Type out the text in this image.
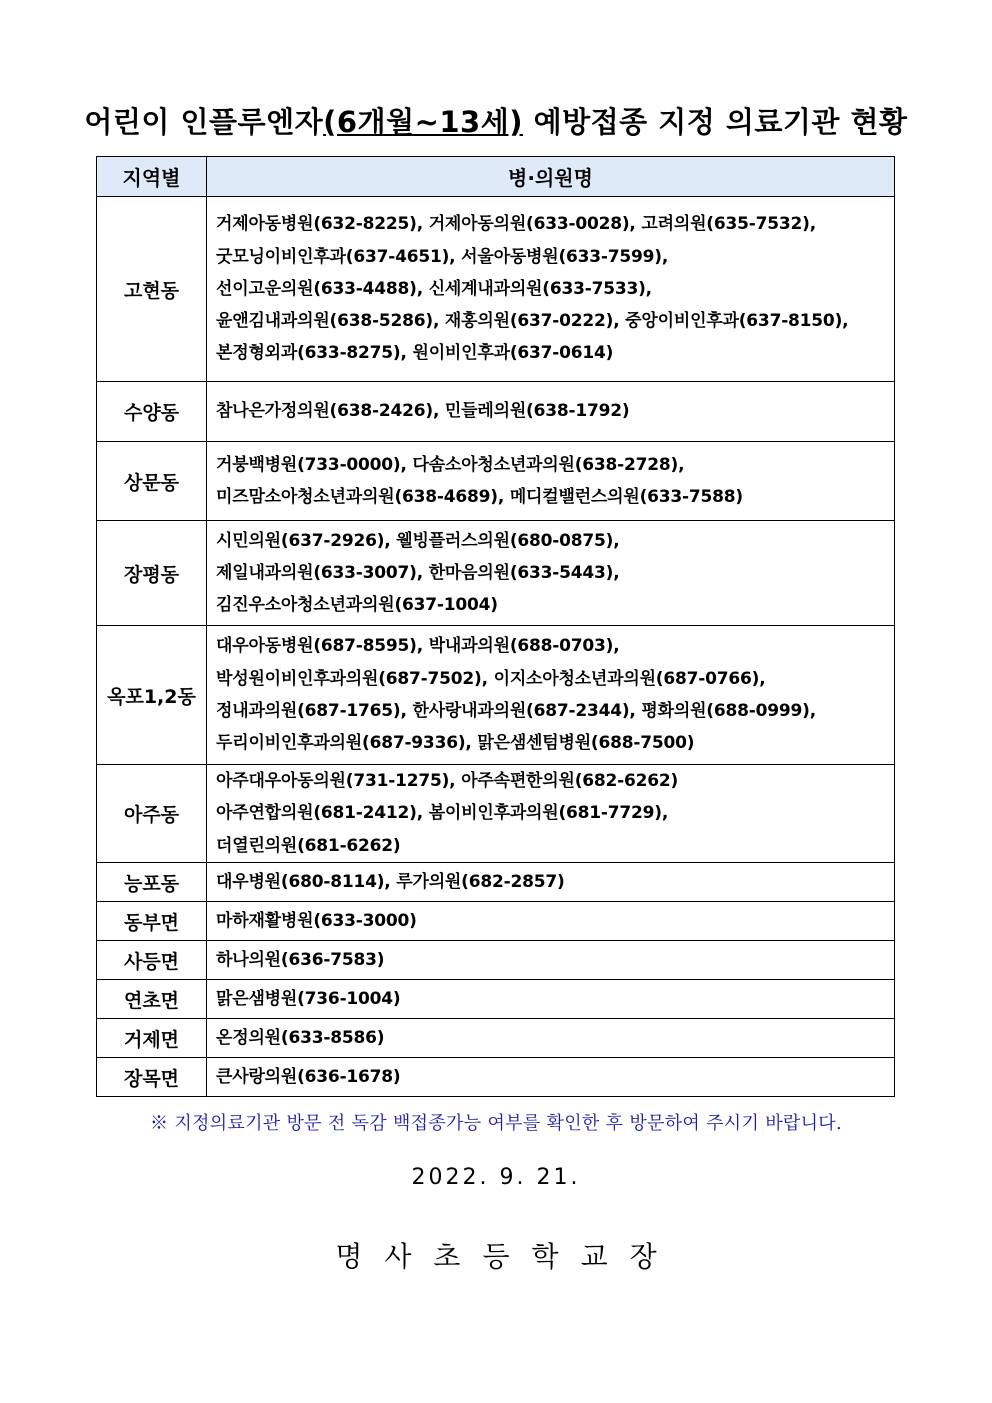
어린이 인플루엔자(6개월~13세) 예방접종 지정 의료기관 현황
지역별	병·의원명
고현동	거제아동병원(632-8225), 거제아동의원(633-0028), 고려의원(635-7532),
굿모닝이비인후과(637-4651), 서울아동병원(633-7599),
선이고운의원(633-4488), 신세계내과의원(633-7533),
윤앤김내과의원(638-5286), 재홍의원(637-0222), 중앙이비인후과(637-8150),
본정형외과(633-8275), 원이비인후과(637-0614)

수양동	참나은가정의원(638-2426), 민들레의원(638-1792)

상문동	거붕백병원(733-0000), 다솜소아청소년과의원(638-2728),
미즈맘소아청소년과의원(638-4689), 메디컬밸런스의원(633-7588)

장평동	시민의원(637-2926), 웰빙플러스의원(680-0875),
제일내과의원(633-3007), 한마음의원(633-5443),
김진우소아청소년과의원(637-1004)

옥포1,2동	대우아동병원(687-8595), 박내과의원(688-0703),
박성원이비인후과의원(687-7502), 이지소아청소년과의원(687-0766),
정내과의원(687-1765), 한사랑내과의원(687-2344), 평화의원(688-0999),
두리이비인후과의원(687-9336), 맑은샘센텀병원(688-7500)

아주동	아주대우아동의원(731-1275), 아주속편한의원(682-6262)
아주연합의원(681-2412), 봄이비인후과의원(681-7729),
더열린의원(681-6262)

능포동	대우병원(680-8114), 루가의원(682-2857)

동부면	마하재활병원(633-3000)

사등면	하나의원(636-7583)

연초면	맑은샘병원(736-1004)

거제면	온정의원(633-8586)

장목면	큰사랑의원(636-1678)
※ 지정의료기관 방문 전 독감 백접종가능 여부를 확인한 후 방문하여 주시기 바랍니다.
2022. 9. 21.
명사초등학교장
